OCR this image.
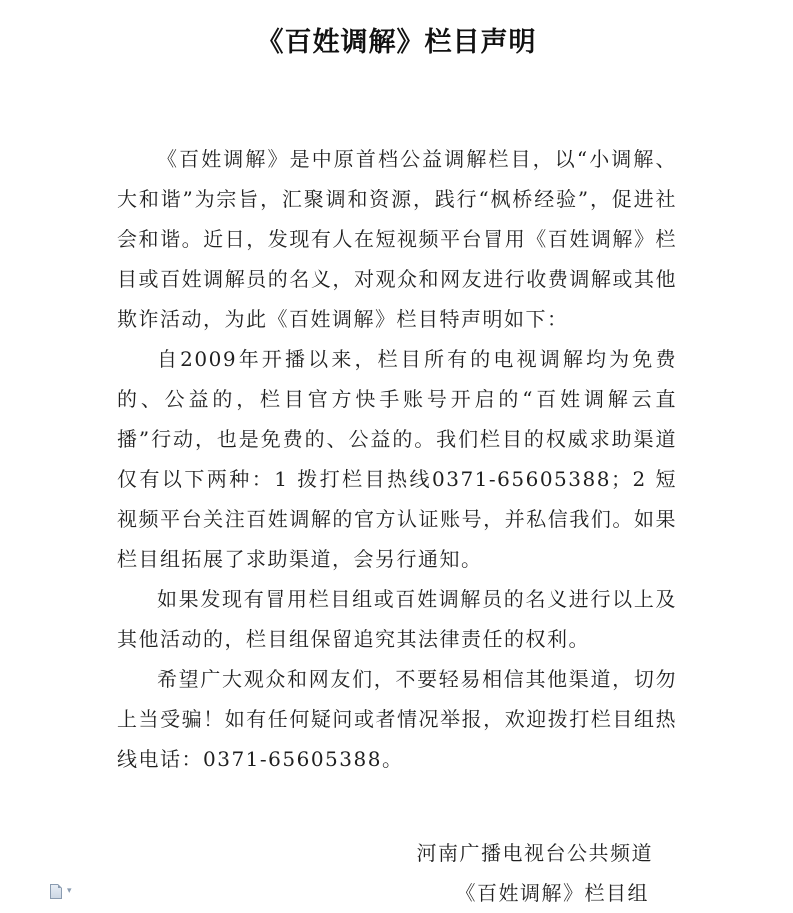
《百姓调解》栏目声明

《百姓调解》是中原首档公益调解栏目，以“小调解、大和谐”为宗旨，汇聚调和资源，践行“枫桥经验”，促进社会和谐。近日，发现有人在短视频平台冒用《百姓调解》栏目或百姓调解员的名义，对观众和网友进行收费调解或其他欺诈活动，为此《百姓调解》栏目特声明如下：

自2009年开播以来，栏目所有的电视调解均为免费的、公益的，栏目官方快手账号开启的“百姓调解云直播”行动，也是免费的、公益的。我们栏目的权威求助渠道仅有以下两种：1 拨打栏目热线0371-65605388；2 短视频平台关注百姓调解的官方认证账号，并私信我们。如果栏目组拓展了求助渠道，会另行通知。

如果发现有冒用栏目组或百姓调解员的名义进行以上及其他活动的，栏目组保留追究其法律责任的权利。

希望广大观众和网友们，不要轻易相信其他渠道，切勿上当受骗！如有任何疑问或者情况举报，欢迎拨打栏目组热线电话：0371-65605388。

河南广播电视台公共频道
《百姓调解》栏目组
▾
